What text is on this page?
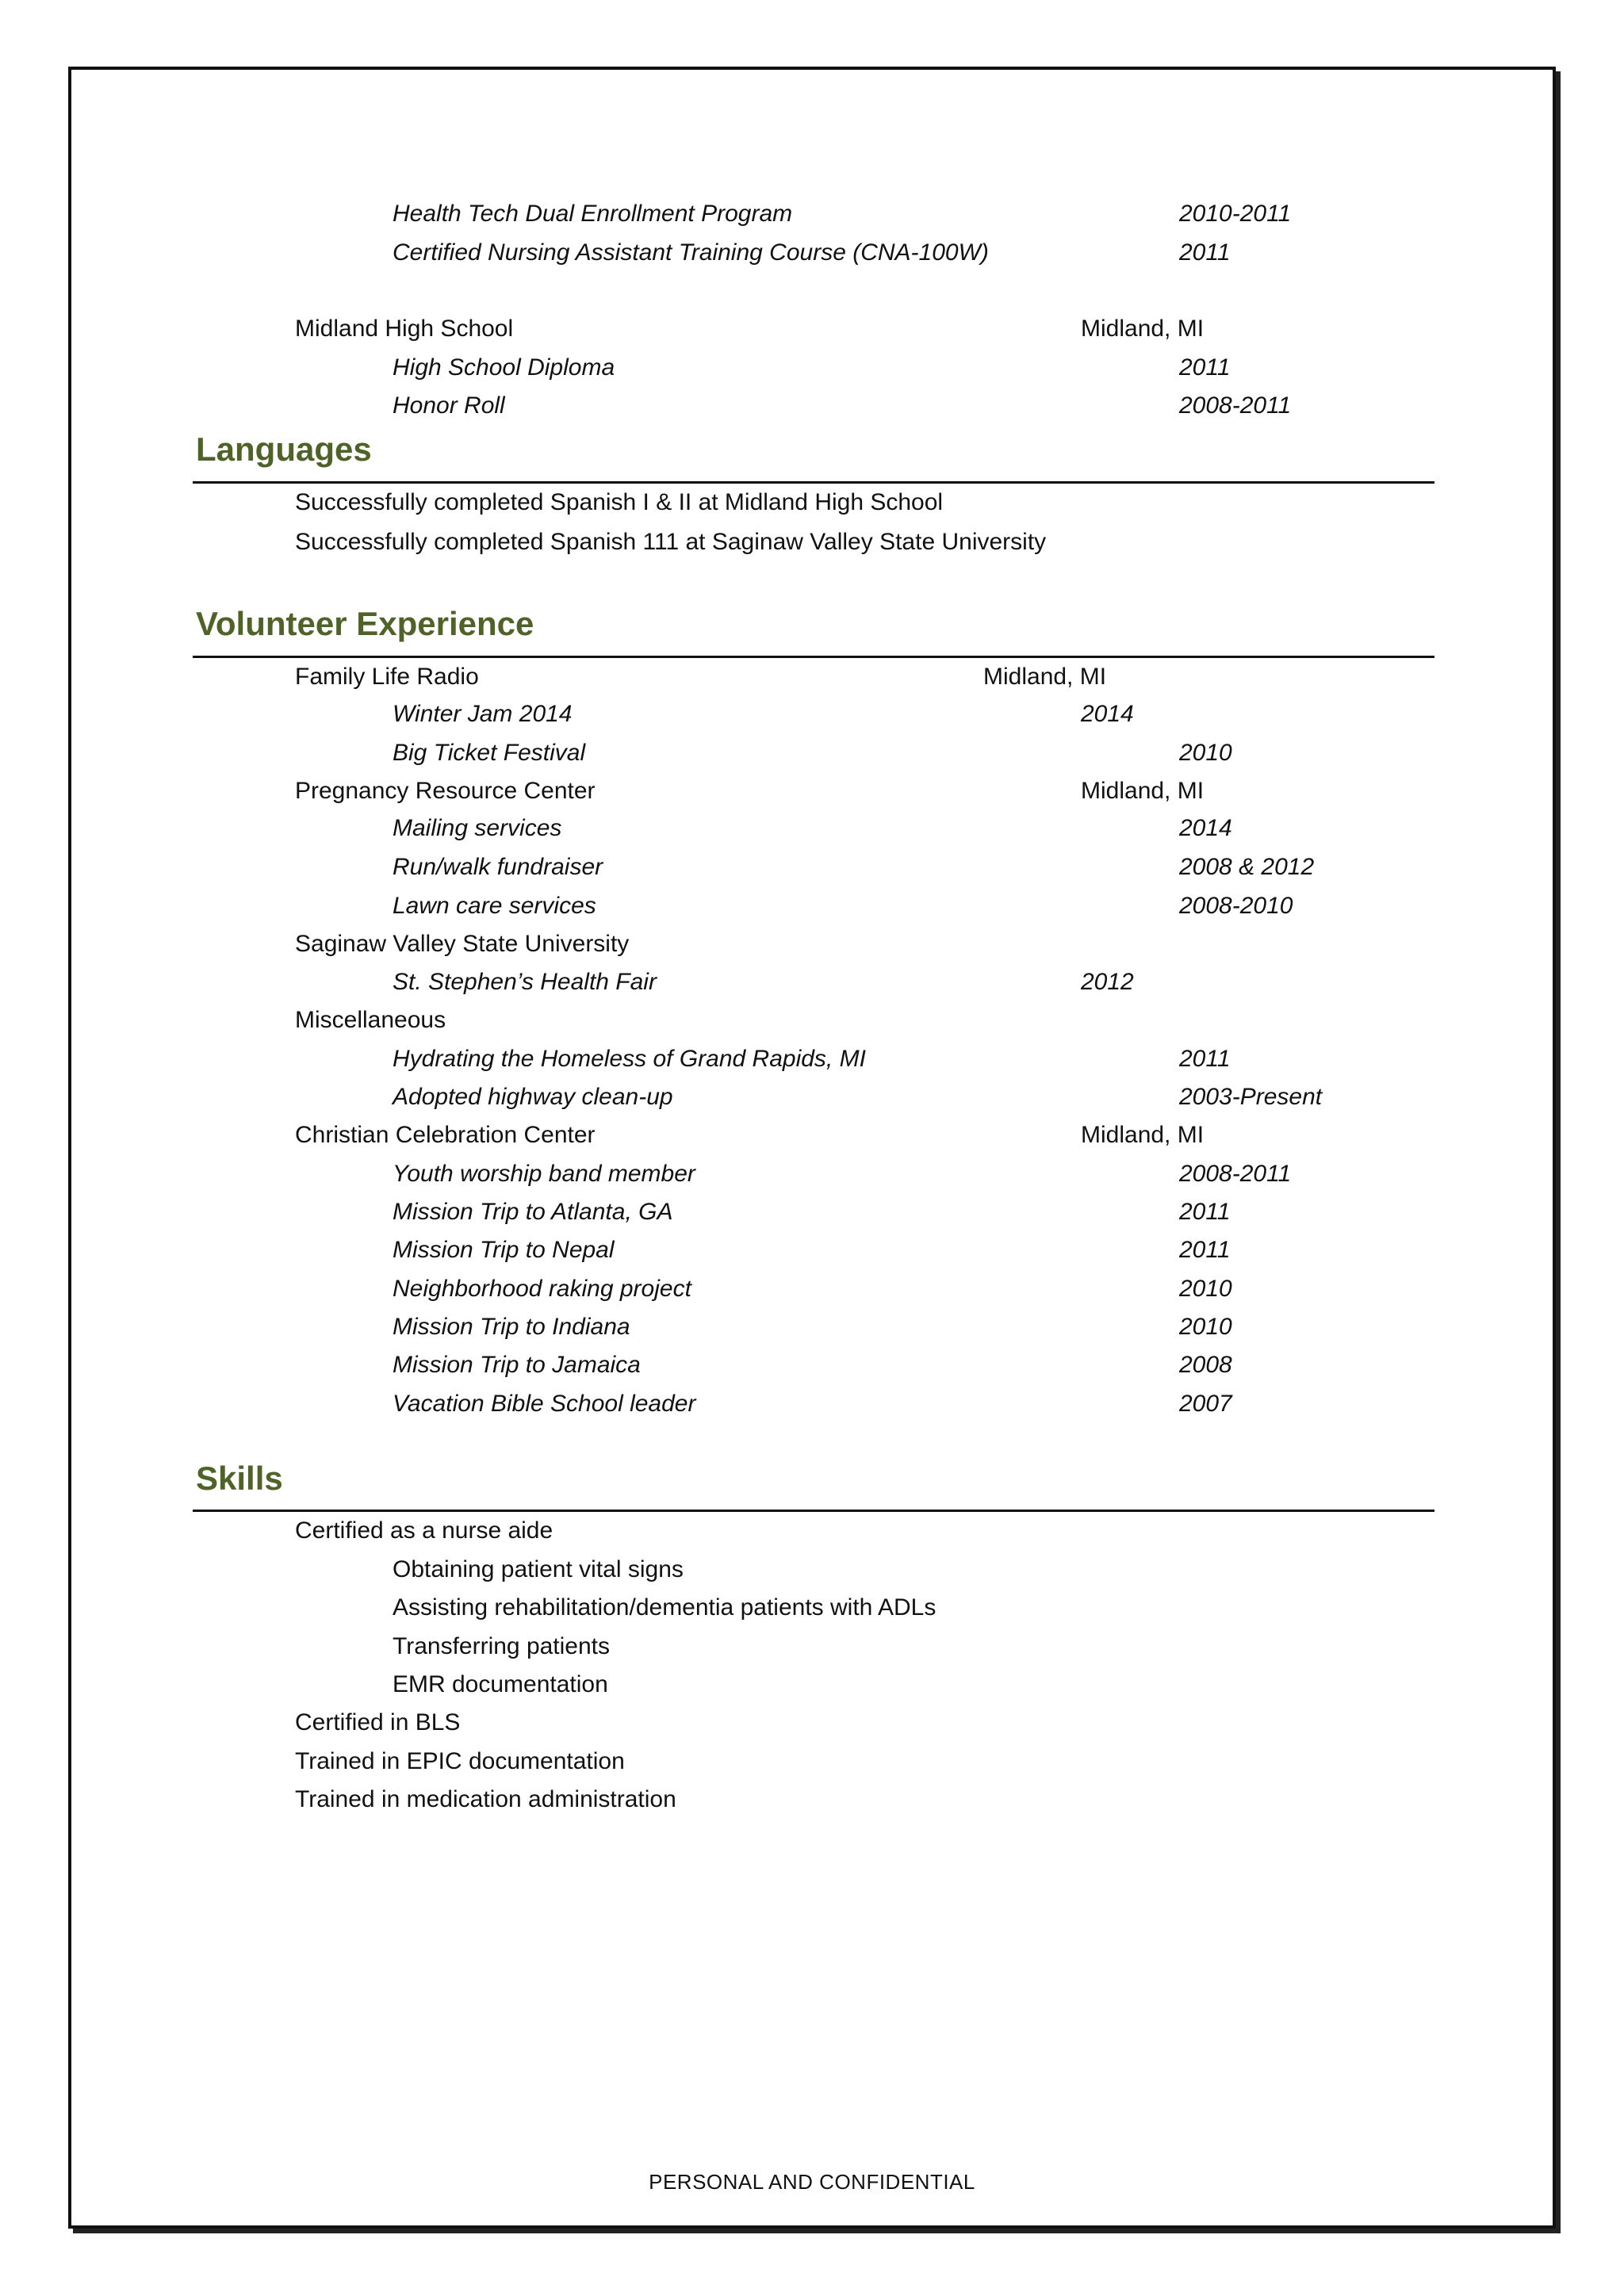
Health Tech Dual Enrollment Program	2010-2011
Certified Nursing Assistant Training Course (CNA-100W)	2011
Midland High School	Midland, MI
High School Diploma	2011
Honor Roll	2008-2011
Languages
Successfully completed Spanish I & II at Midland High School
Successfully completed Spanish 111 at Saginaw Valley State University
Volunteer Experience
Family Life Radio	Midland, MI
Winter Jam 2014	2014
Big Ticket Festival	2010
Pregnancy Resource Center	Midland, MI
Mailing services	2014
Run/walk fundraiser	2008 & 2012
Lawn care services	2008-2010
Saginaw Valley State University
St. Stephen’s Health Fair	2012
Miscellaneous
Hydrating the Homeless of Grand Rapids, MI	2011
Adopted highway clean-up	2003-Present
Christian Celebration Center	Midland, MI
Youth worship band member	2008-2011
Mission Trip to Atlanta, GA	2011
Mission Trip to Nepal	2011
Neighborhood raking project	2010
Mission Trip to Indiana	2010
Mission Trip to Jamaica	2008
Vacation Bible School leader	2007
Skills
Certified as a nurse aide
Obtaining patient vital signs
Assisting rehabilitation/dementia patients with ADLs
Transferring patients
EMR documentation
Certified in BLS
Trained in EPIC documentation
Trained in medication administration
PERSONAL AND CONFIDENTIAL
